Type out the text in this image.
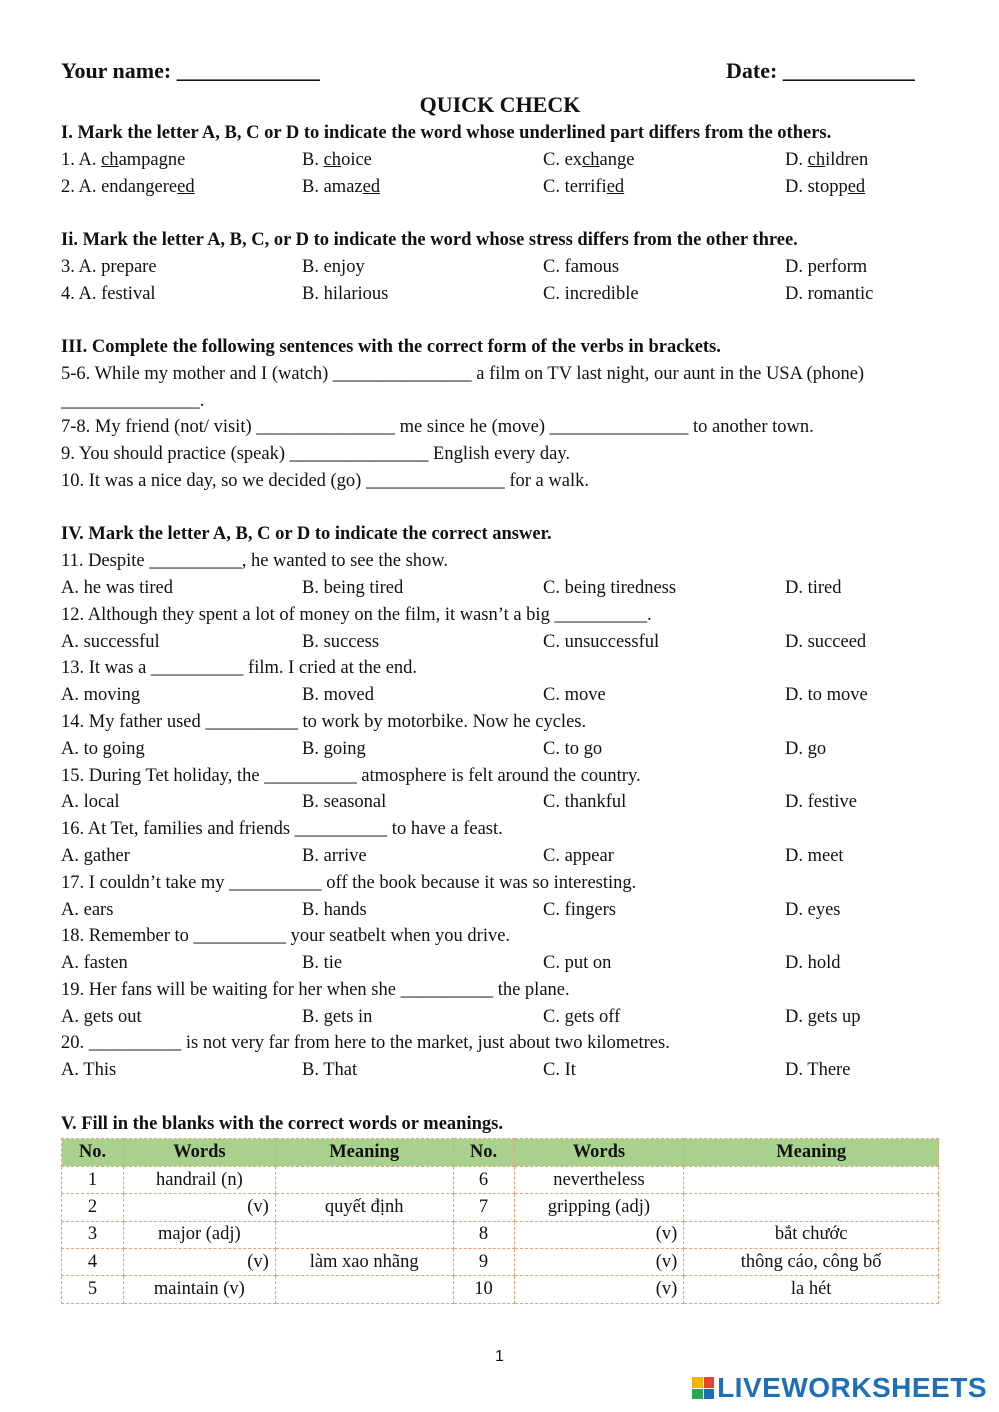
Your name: _____________	Date: ____________
QUICK CHECK
I. Mark the letter A, B, C or D to indicate the word whose underlined part differs from the others.
1. A. champagne	B. choice	C. exchange	D. children
2. A. endangereed	B. amazed	C. terrified	D. stopped
Ii. Mark the letter A, B, C, or D to indicate the word whose stress differs from the other three.
3. A. prepare	B. enjoy	C. famous	D. perform
4. A. festival	B. hilarious	C. incredible	D. romantic
III. Complete the following sentences with the correct form of the verbs in brackets.
5-6. While my mother and I (watch) _______________ a film on TV last night, our aunt in the USA (phone)
_______________.
7-8. My friend (not/ visit) _______________ me since he (move) _______________ to another town.
9. You should practice (speak) _______________ English every day.
10. It was a nice day, so we decided (go) _______________ for a walk.
IV. Mark the letter A, B, C or D to indicate the correct answer.
11. Despite __________, he wanted to see the show.
A. he was tired	B. being tired	C. being tiredness	D. tired
12. Although they spent a lot of money on the film, it wasn’t a big __________.
A. successful	B. success	C. unsuccessful	D. succeed
13. It was a __________ film. I cried at the end.
A. moving	B. moved	C. move	D. to move
14. My father used __________ to work by motorbike. Now he cycles.
A. to going	B. going	C. to go	D. go
15. During Tet holiday, the __________ atmosphere is felt around the country.
A. local	B. seasonal	C. thankful	D. festive
16. At Tet, families and friends __________ to have a feast.
A. gather	B. arrive	C. appear	D. meet
17. I couldn’t take my __________ off the book because it was so interesting.
A. ears	B. hands	C. fingers	D. eyes
18. Remember to __________ your seatbelt when you drive.
A. fasten	B. tie	C. put on	D. hold
19. Her fans will be waiting for her when she __________ the plane.
A. gets out	B. gets in	C. gets off	D. gets up
20. __________ is not very far from here to the market, just about two kilometres.
A. This	B. That	C. It	D. There
V. Fill in the blanks with the correct words or meanings.
No.	Words	Meaning	No.	Words	Meaning
1	handrail (n)		6	nevertheless	
2	(v)	quyết định	7	gripping (adj)	
3	major (adj)		8	(v)	bắt chước
4	(v)	làm xao nhãng	9	(v)	thông cáo, công bố
5	maintain (v)		10	(v)	la hét
1
LIVEWORKSHEETS
